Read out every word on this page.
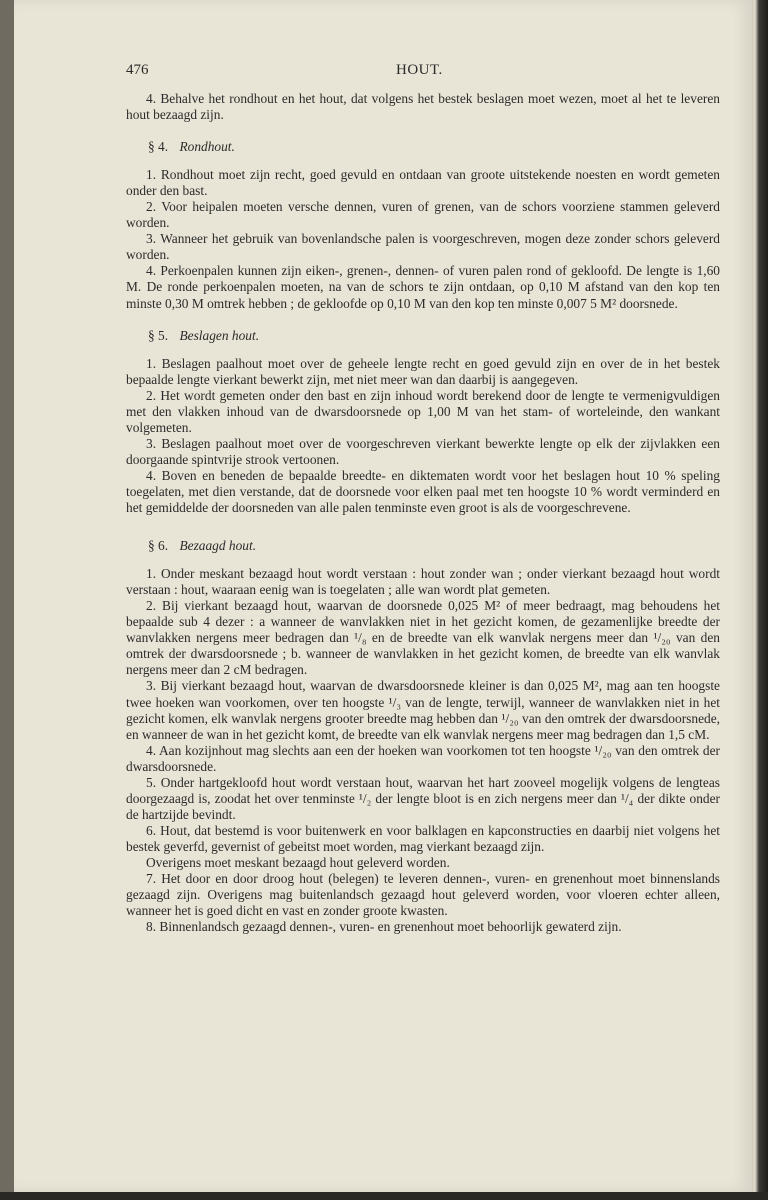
476	HOUT.

4. Behalve het rondhout en het hout, dat volgens het bestek beslagen moet wezen, moet al het te leveren hout bezaagd zijn.

§ 4. Rondhout.

1. Rondhout moet zijn recht, goed gevuld en ontdaan van groote uitstekende noesten en wordt gemeten onder den bast.

2. Voor heipalen moeten versche dennen, vuren of grenen, van de schors voorziene stammen geleverd worden.

3. Wanneer het gebruik van bovenlandsche palen is voorgeschreven, mogen deze zonder schors geleverd worden.

4. Perkoenpalen kunnen zijn eiken-, grenen-, dennen- of vuren palen rond of gekloofd. De lengte is 1,60 M. De ronde perkoenpalen moeten, na van de schors te zijn ontdaan, op 0,10 M afstand van den kop ten minste 0,30 M omtrek hebben ; de gekloofde op 0,10 M van den kop ten minste 0,007 5 M² doorsnede.

§ 5. Beslagen hout.

1. Beslagen paalhout moet over de geheele lengte recht en goed gevuld zijn en over de in het bestek bepaalde lengte vierkant bewerkt zijn, met niet meer wan dan daarbij is aangegeven.

2. Het wordt gemeten onder den bast en zijn inhoud wordt berekend door de lengte te vermenigvuldigen met den vlakken inhoud van de dwarsdoorsnede op 1,00 M van het stam- of worteleinde, den wankant volgemeten.

3. Beslagen paalhout moet over de voorgeschreven vierkant bewerkte lengte op elk der zijvlakken een doorgaande spintvrije strook vertoonen.

4. Boven en beneden de bepaalde breedte- en diktematen wordt voor het beslagen hout 10 % speling toegelaten, met dien verstande, dat de doorsnede voor elken paal met ten hoogste 10 % wordt verminderd en het gemiddelde der doorsneden van alle palen tenminste even groot is als de voorgeschrevene.

§ 6. Bezaagd hout.

1. Onder meskant bezaagd hout wordt verstaan : hout zonder wan ; onder vierkant bezaagd hout wordt verstaan : hout, waaraan eenig wan is toegelaten ; alle wan wordt plat gemeten.

2. Bij vierkant bezaagd hout, waarvan de doorsnede 0,025 M² of meer bedraagt, mag behoudens het bepaalde sub 4 dezer : a wanneer de wanvlakken niet in het gezicht komen, de gezamenlijke breedte der wanvlakken nergens meer bedragen dan ¹/₈ en de breedte van elk wanvlak nergens meer dan ¹/₂₀ van den omtrek der dwarsdoorsnede ; b. wanneer de wanvlakken in het gezicht komen, de breedte van elk wanvlak nergens meer dan 2 cM bedragen.

3. Bij vierkant bezaagd hout, waarvan de dwarsdoorsnede kleiner is dan 0,025 M², mag aan ten hoogste twee hoeken wan voorkomen, over ten hoogste ¹/₃ van de lengte, terwijl, wanneer de wanvlakken niet in het gezicht komen, elk wanvlak nergens grooter breedte mag hebben dan ¹/₂₀ van den omtrek der dwarsdoorsnede, en wanneer de wan in het gezicht komt, de breedte van elk wanvlak nergens meer mag bedragen dan 1,5 cM.

4. Aan kozijnhout mag slechts aan een der hoeken wan voorkomen tot ten hoogste ¹/₂₀ van den omtrek der dwarsdoorsnede.

5. Onder hartgekloofd hout wordt verstaan hout, waarvan het hart zooveel mogelijk volgens de lengteas doorgezaagd is, zoodat het over tenminste ¹/₂ der lengte bloot is en zich nergens meer dan ¹/₄ der dikte onder de hartzijde bevindt.

6. Hout, dat bestemd is voor buitenwerk en voor balklagen en kapconstructies en daarbij niet volgens het bestek geverfd, gevernist of gebeitst moet worden, mag vierkant bezaagd zijn.

Overigens moet meskant bezaagd hout geleverd worden.

7. Het door en door droog hout (belegen) te leveren dennen-, vuren- en grenenhout moet binnenslands gezaagd zijn. Overigens mag buitenlandsch gezaagd hout geleverd worden, voor vloeren echter alleen, wanneer het is goed dicht en vast en zonder groote kwasten.

8. Binnenlandsch gezaagd dennen-, vuren- en grenenhout moet behoorlijk gewaterd zijn.
